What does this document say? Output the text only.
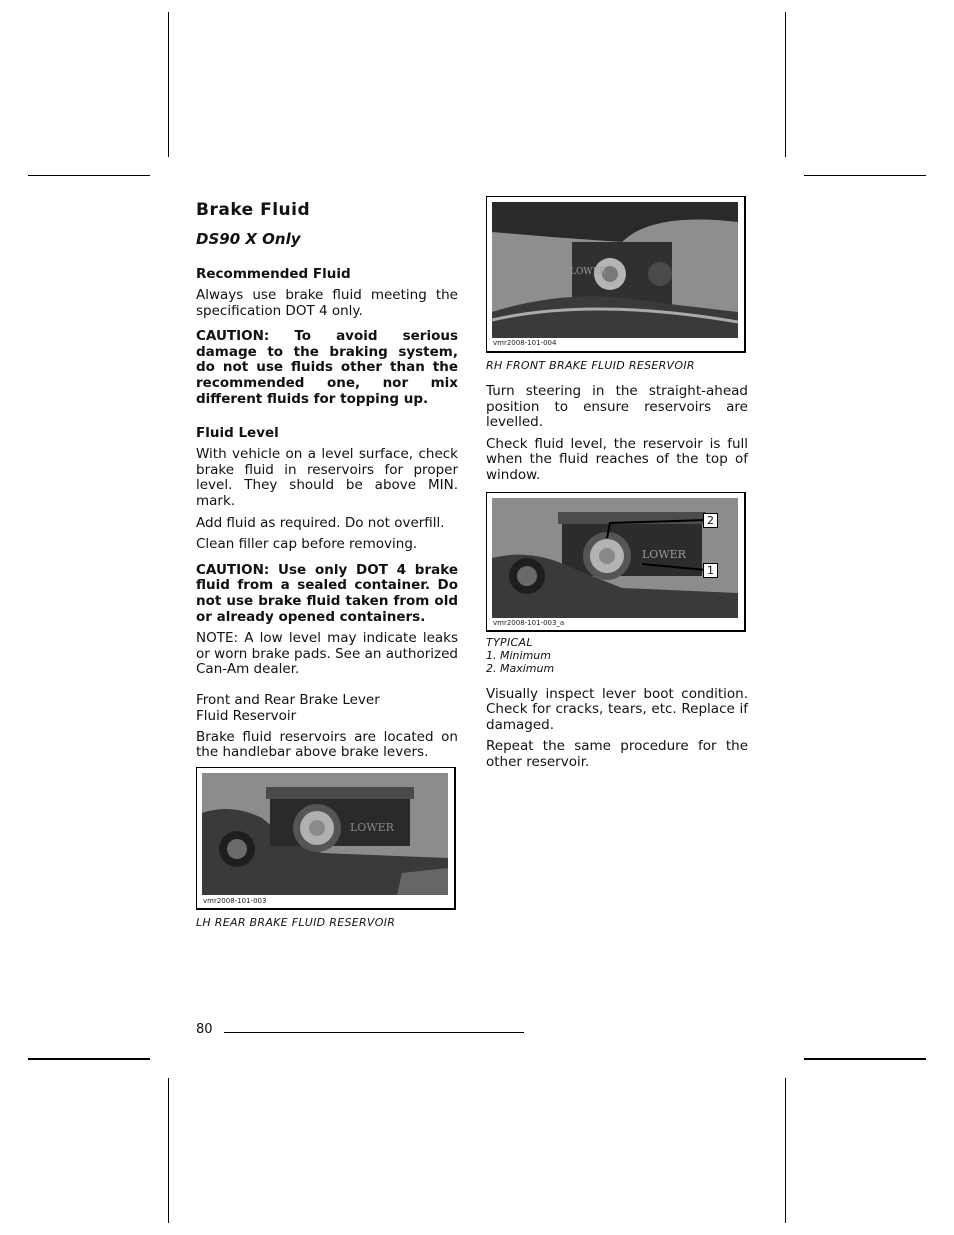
Brake Fluid
DS90 X Only
Recommended Fluid

Always use brake fluid meeting the specification DOT 4 only.

CAUTION: To avoid serious damage to the braking system, do not use fluids other than the recommended one, nor mix different fluids for topping up.

Fluid Level

With vehicle on a level surface, check brake fluid in reservoirs for proper level. They should be above MIN. mark.

Add fluid as required. Do not overfill.

Clean filler cap before removing.

CAUTION: Use only DOT 4 brake fluid from a sealed container. Do not use brake fluid taken from old or already opened containers.

NOTE: A low level may indicate leaks or worn brake pads. See an authorized Can-Am dealer.

Front and Rear Brake Lever
Fluid Reservoir

Brake fluid reservoirs are located on the handlebar above brake levers.

LOWER
vmr2008-101-003
LH REAR BRAKE FLUID RESERVOIR
LOWER
vmr2008-101-004
RH FRONT BRAKE FLUID RESERVOIR

Turn steering in the straight-ahead position to ensure reservoirs are levelled.

Check fluid level, the reservoir is full when the fluid reaches of the top of window.

LOWER
2
1
vmr2008-101-003_a
TYPICAL
1. Minimum
2. Maximum

Visually inspect lever boot condition. Check for cracks, tears, etc. Replace if damaged.

Repeat the same procedure for the other reservoir.

80
